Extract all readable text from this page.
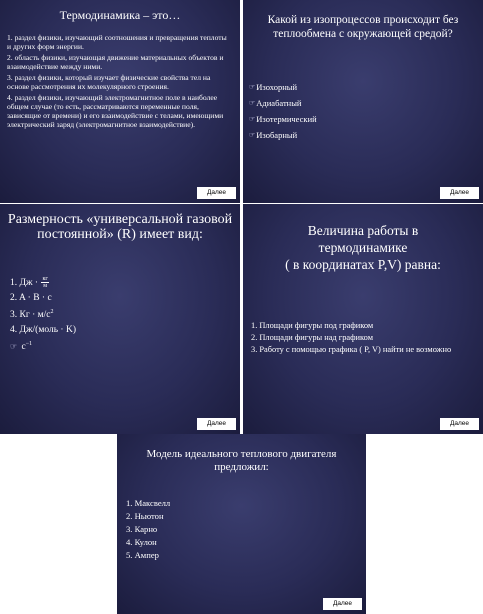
Термодинамика – это…

1. раздел физики, изучающий соотношения и превращения теплоты и других форм энергии.

2. область физики, изучающая движение материальных объектов и взаимодействие между ними.

3. раздел физики, который изучает физические свойства тел на основе рассмотрения их молекулярного строения.

4. раздел физики, изучающий электромагнитное поле в наиболее общем случае (то есть, рассматриваются переменные поля, зависящие от времени) и его взаимодействие с телами, имеющими электрический заряд (электромагнитное взаимодействие).

Далее
Какой из изопроцессов происходит без теплообмена с окружающей средой?
☞ Изохорный
☞ Адиабатный
☞ Изотермический
☞ Изобарный
Далее
Размерность «универсальной газовой постоянной» (R) имеет вид:
1. Дж · $\frac{кг}{м}$
2. A · B · c
3. Кг · $м/c^2$
4. Дж/(моль · K)
☞ $c^{-1}$
Далее
Величина работы в
термодинамике
( в координатах P,V) равна:
1. Площади фигуры под графиком
2. Площади фигуры над графиком
3. Работу с помощью графика ( P, V) найти не возможно
Далее
Модель идеального теплового двигателя предложил:
1. Максвелл
2. Ньютон
3. Карно
4. Кулон
5. Ампер
Далее
